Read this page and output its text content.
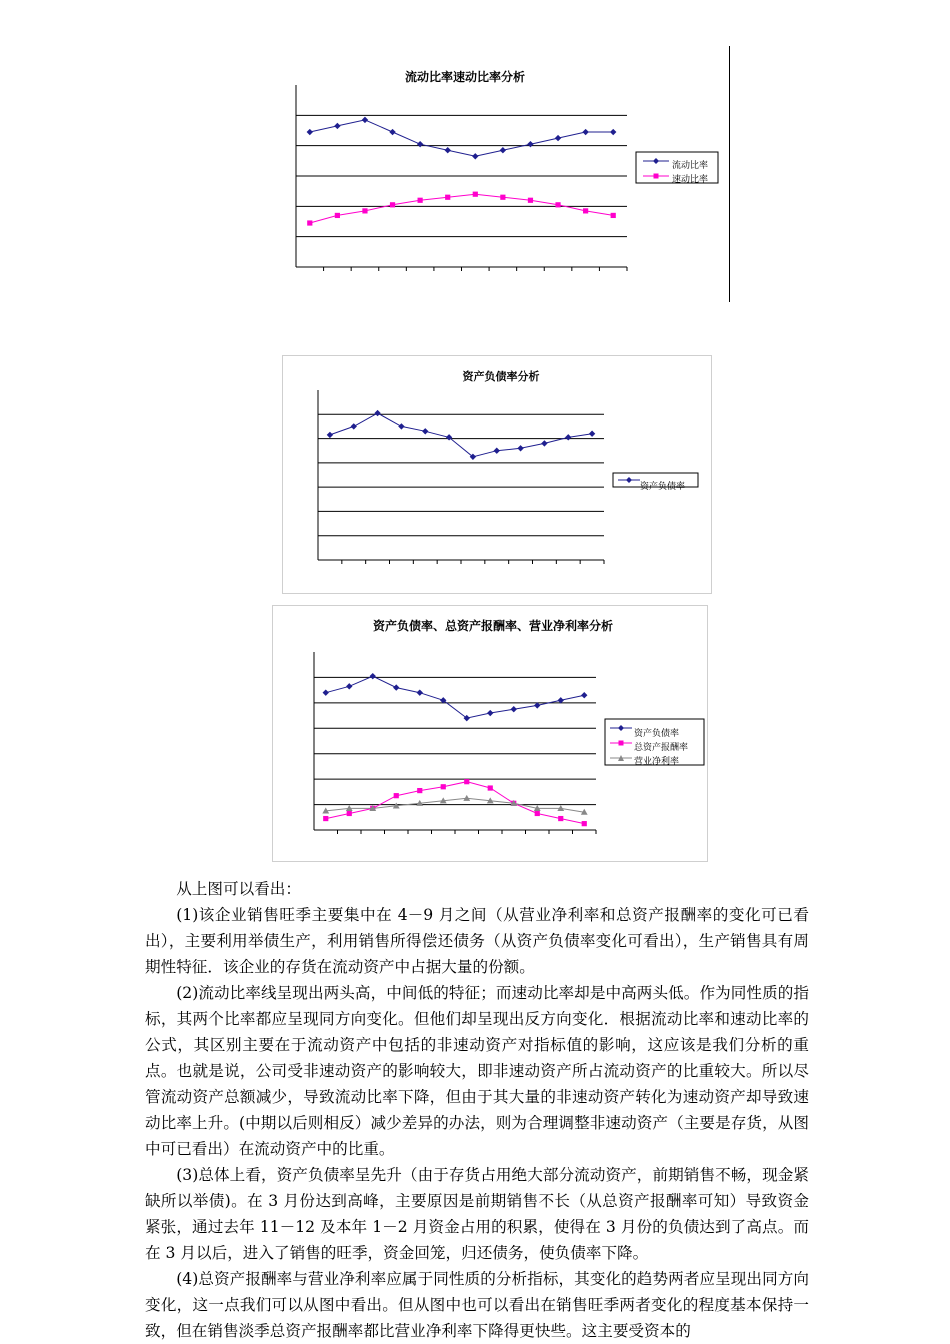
流动比率速动比率分析
流动比率
速动比率
资产负债率分析
资产负债率
资产负债率、总资产报酬率、营业净利率分析
资产负债率
总资产报酬率
营业净利率

从上图可以看出：

(1)该企业销售旺季主要集中在 4－9 月之间（从营业净利率和总资产报酬率的变化可已看出），主要利用举债生产，利用销售所得偿还债务（从资产负债率变化可看出），生产销售具有周期性特征．该企业的存货在流动资产中占据大量的份额。

(2)流动比率线呈现出两头高，中间低的特征；而速动比率却是中高两头低。作为同性质的指标，其两个比率都应呈现同方向变化。但他们却呈现出反方向变化．根据流动比率和速动比率的公式，其区别主要在于流动资产中包括的非速动资产对指标值的影响，这应该是我们分析的重点。也就是说，公司受非速动资产的影响较大，即非速动资产所占流动资产的比重较大。所以尽管流动资产总额减少，导致流动比率下降，但由于其大量的非速动资产转化为速动资产却导致速动比率上升。(中期以后则相反）减少差异的办法，则为合理调整非速动资产（主要是存货，从图中可已看出）在流动资产中的比重。

(3)总体上看，资产负债率呈先升（由于存货占用绝大部分流动资产，前期销售不畅，现金紧缺所以举债)。在 3 月份达到高峰，主要原因是前期销售不长（从总资产报酬率可知）导致资金紧张，通过去年 11－12 及本年 1－2 月资金占用的积累，使得在 3 月份的负债达到了高点。而在 3 月以后，进入了销售的旺季，资金回笼，归还债务，使负债率下降。

(4)总资产报酬率与营业净利率应属于同性质的分析指标，其变化的趋势两者应呈现出同方向变化，这一点我们可以从图中看出。但从图中也可以看出在销售旺季两者变化的程度基本保持一致，但在销售淡季总资产报酬率都比营业净利率下降得更快些。这主要受资本的
